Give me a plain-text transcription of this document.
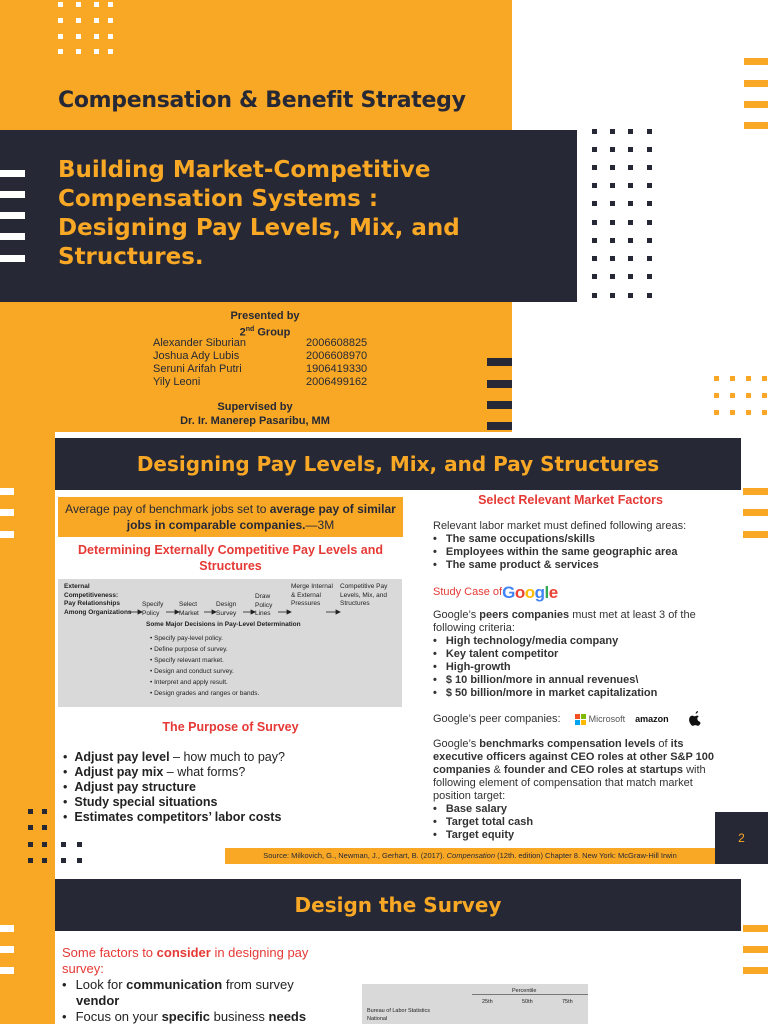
Compensation & Benefit Strategy
Building Market-Competitive
Compensation Systems :
Designing Pay Levels, Mix, and
Structures.
Presented by
2nd Group
Alexander Siburian	2006608825
Joshua Ady Lubis	2006608970
Seruni Arifah Putri	1906419330
Yily Leoni	2006499162
Supervised by
Dr. Ir. Manerep Pasaribu, MM
Designing Pay Levels, Mix, and Pay Structures
Average pay of benchmark jobs set to average pay of similar jobs in comparable companies.—3M
Determining Externally Competitive Pay Levels and Structures
External
Competitiveness:
Pay Relationships
Among Organizations
Specify Policy
Select Market
Design Survey
Draw Policy Lines
Merge Internal & External Pressures
Competitive Pay Levels, Mix, and Structures
Some Major Decisions in Pay-Level Determination
• Specify pay-level policy.
• Define purpose of survey.
• Specify relevant market.
• Design and conduct survey.
• Interpret and apply result.
• Design grades and ranges or bands.
The Purpose of Survey
• Adjust pay level – how much to pay?
• Adjust pay mix – what forms?
• Adjust pay structure
• Study special situations
• Estimates competitors’ labor costs
Select Relevant Market Factors
Relevant labor market must defined following areas:
• The same occupations/skills
• Employees within the same geographic area
• The same product & services
Study Case of Google
Google’s peers companies must met at least 3 of the following criteria:
• High technology/media company
• Key talent competitor
• High-growth
• $ 10 billion/more in annual revenues\
• $ 50 billion/more in market capitalization
Google’s peer companies:	Microsoft amazon
Google’s benchmarks compensation levels of its executive officers against CEO roles at other S&P 100 companies & founder and CEO roles at startups with following element of compensation that match market position target:
• Base salary
• Target total cash
• Target equity
Source: Milkovich, G., Newman, J., Gerhart, B. (2017). Compensation (12th. edition) Chapter 8. New York: McGraw-Hill Irwin
2
Design the Survey
Some factors to consider in designing pay survey:
• Look for communication from survey vendor
• Focus on your specific business needs
Percentile
25th	50th	75th
Bureau of Labor Statistics
National
